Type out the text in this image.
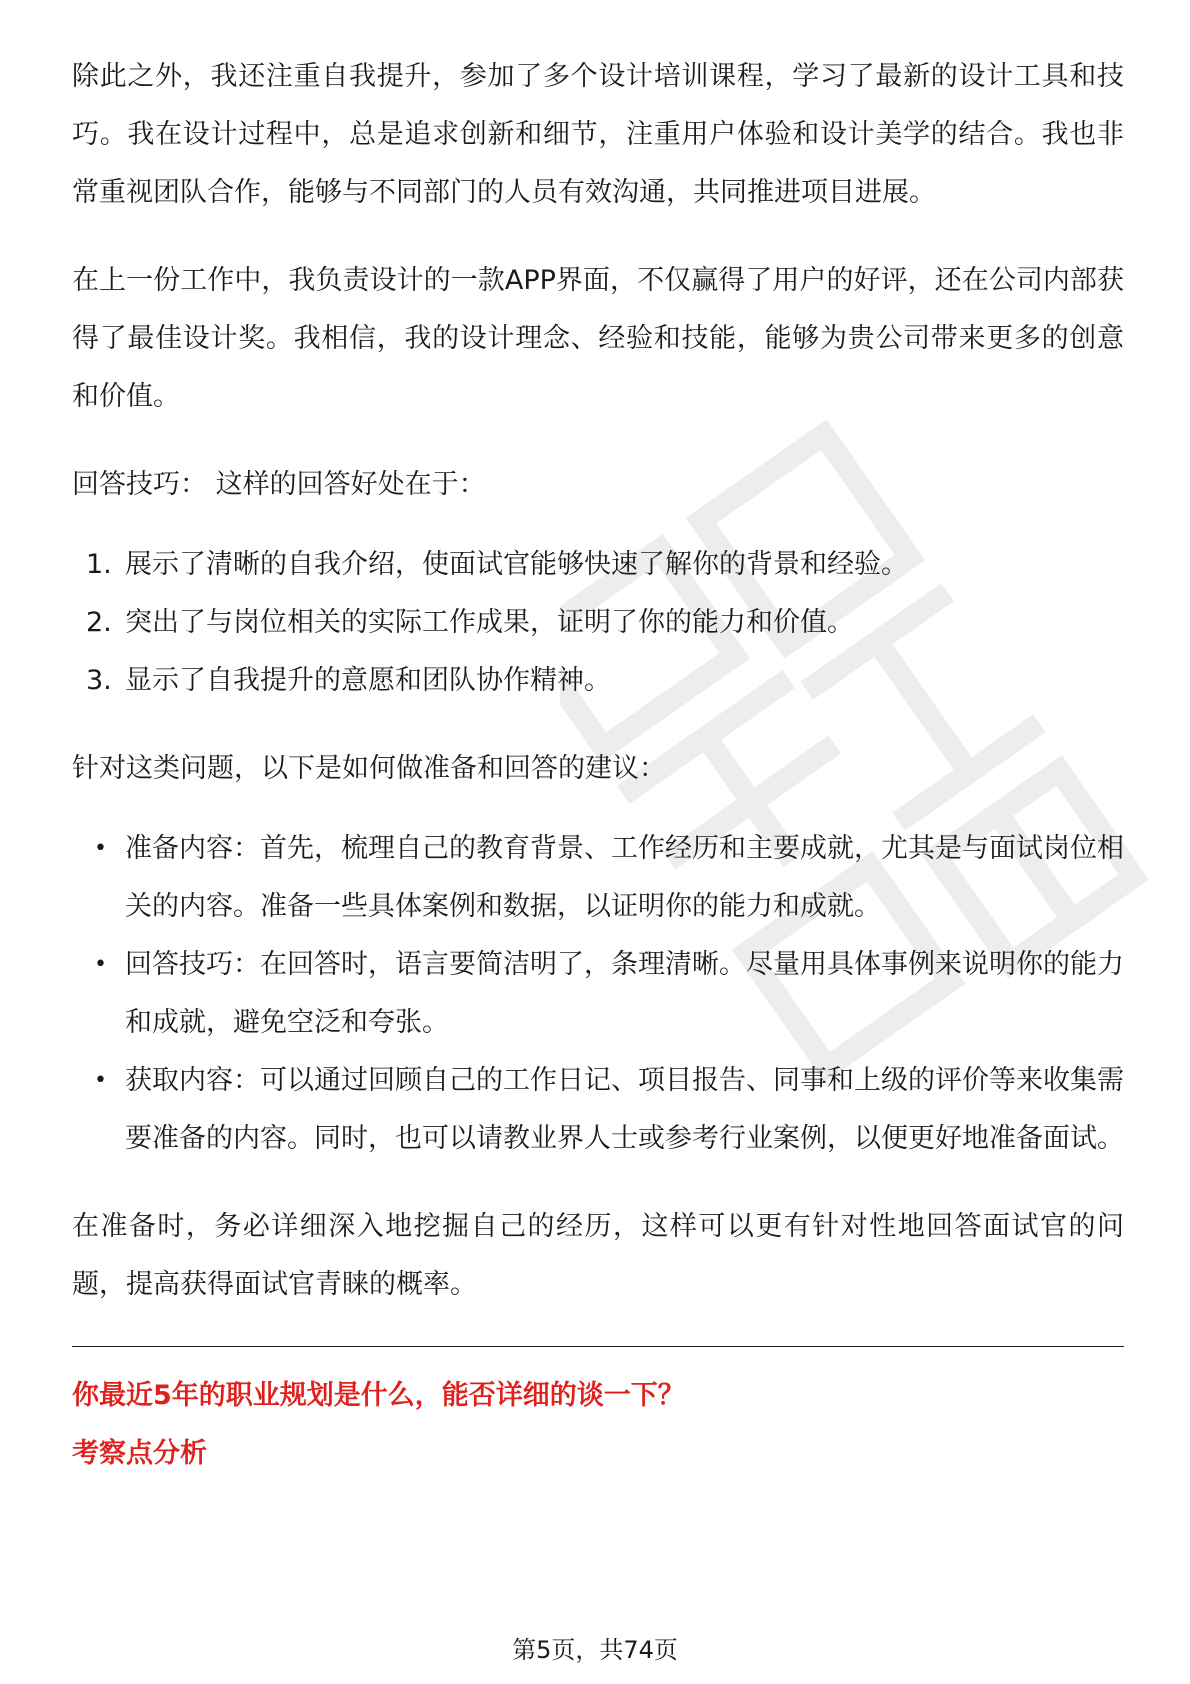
除此之外，我还注重自我提升，参加了多个设计培训课程，学习了最新的设计工具和技巧。我在设计过程中，总是追求创新和细节，注重用户体验和设计美学的结合。我也非常重视团队合作，能够与不同部门的人员有效沟通，共同推进项目进展。

在上一份工作中，我负责设计的一款APP界面，不仅赢得了用户的好评，还在公司内部获得了最佳设计奖。我相信，我的设计理念、经验和技能，能够为贵公司带来更多的创意和价值。

回答技巧： 这样的回答好处在于：

1. 展示了清晰的自我介绍，使面试官能够快速了解你的背景和经验。
2. 突出了与岗位相关的实际工作成果，证明了你的能力和价值。
3. 显示了自我提升的意愿和团队协作精神。

针对这类问题，以下是如何做准备和回答的建议：

• 准备内容：首先，梳理自己的教育背景、工作经历和主要成就，尤其是与面试岗位相关的内容。准备一些具体案例和数据，以证明你的能力和成就。
• 回答技巧：在回答时，语言要简洁明了，条理清晰。尽量用具体事例来说明你的能力和成就，避免空泛和夸张。
• 获取内容：可以通过回顾自己的工作日记、项目报告、同事和上级的评价等来收集需要准备的内容。同时，也可以请教业界人士或参考行业案例，以便更好地准备面试。

在准备时，务必详细深入地挖掘自己的经历，这样可以更有针对性地回答面试官的问题，提高获得面试官青睐的概率。

你最近5年的职业规划是什么，能否详细的谈一下？

考察点分析

第5页，共74页
